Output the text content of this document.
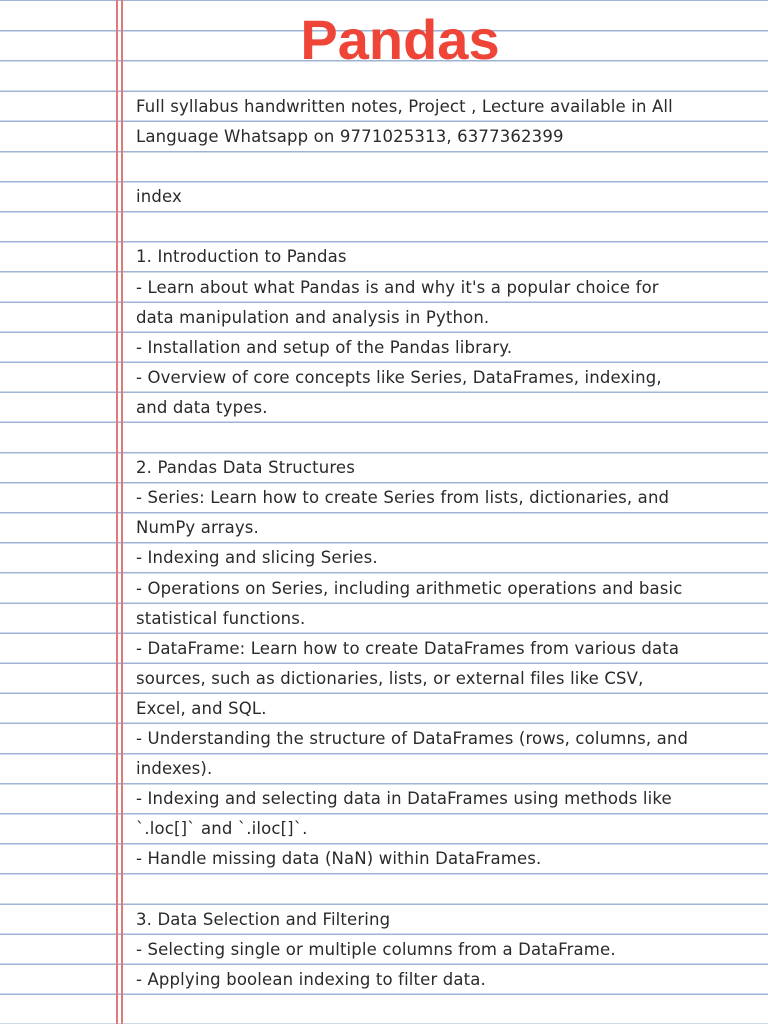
Pandas
Full syllabus handwritten notes, Project , Lecture available in All
Language Whatsapp on 9771025313, 6377362399
index
1. Introduction to Pandas
- Learn about what Pandas is and why it's a popular choice for
data manipulation and analysis in Python.
- Installation and setup of the Pandas library.
- Overview of core concepts like Series, DataFrames, indexing,
and data types.
2. Pandas Data Structures
- Series: Learn how to create Series from lists, dictionaries, and
NumPy arrays.
- Indexing and slicing Series.
- Operations on Series, including arithmetic operations and basic
statistical functions.
- DataFrame: Learn how to create DataFrames from various data
sources, such as dictionaries, lists, or external files like CSV,
Excel, and SQL.
- Understanding the structure of DataFrames (rows, columns, and
indexes).
- Indexing and selecting data in DataFrames using methods like
`.loc[]` and `.iloc[]`.
- Handle missing data (NaN) within DataFrames.
3. Data Selection and Filtering
- Selecting single or multiple columns from a DataFrame.
- Applying boolean indexing to filter data.
